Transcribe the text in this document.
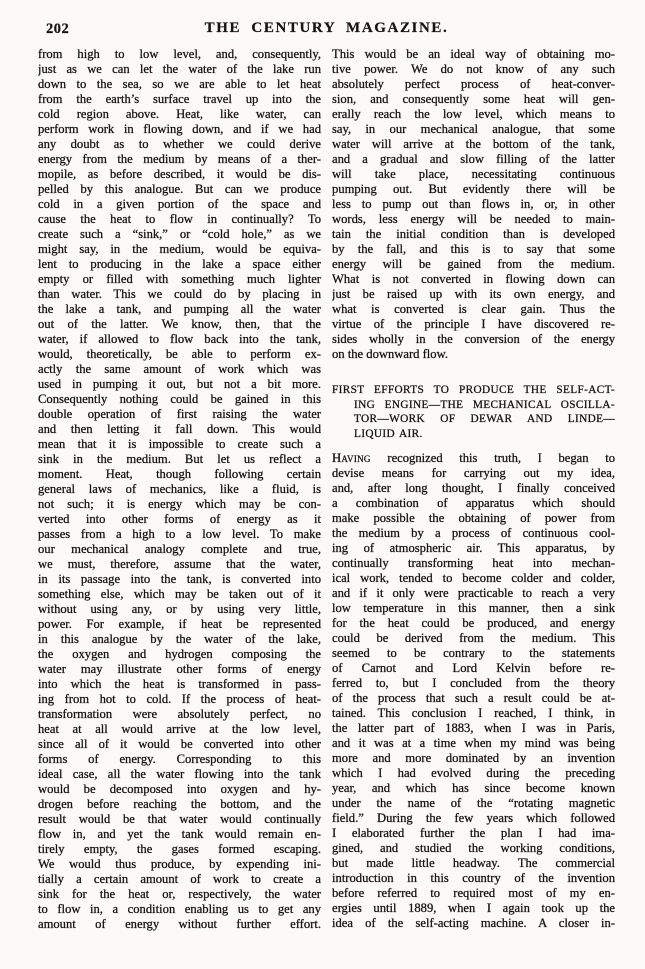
202	THE CENTURY MAGAZINE.
from high to low level, and, consequently,
just as we can let the water of the lake run
down to the sea, so we are able to let heat
from the earth’s surface travel up into the
cold region above. Heat, like water, can
perform work in flowing down, and if we had
any doubt as to whether we could derive
energy from the medium by means of a ther-
mopile, as before described, it would be dis-
pelled by this analogue. But can we produce
cold in a given portion of the space and
cause the heat to flow in continually? To
create such a “sink,” or “cold hole,” as we
might say, in the medium, would be equiva-
lent to producing in the lake a space either
empty or filled with something much lighter
than water. This we could do by placing in
the lake a tank, and pumping all the water
out of the latter. We know, then, that the
water, if allowed to flow back into the tank,
would, theoretically, be able to perform ex-
actly the same amount of work which was
used in pumping it out, but not a bit more.
Consequently nothing could be gained in this
double operation of first raising the water
and then letting it fall down. This would
mean that it is impossible to create such a
sink in the medium. But let us reflect a
moment. Heat, though following certain
general laws of mechanics, like a fluid, is
not such; it is energy which may be con-
verted into other forms of energy as it
passes from a high to a low level. To make
our mechanical analogy complete and true,
we must, therefore, assume that the water,
in its passage into the tank, is converted into
something else, which may be taken out of it
without using any, or by using very little,
power. For example, if heat be represented
in this analogue by the water of the lake,
the oxygen and hydrogen composing the
water may illustrate other forms of energy
into which the heat is transformed in pass-
ing from hot to cold. If the process of heat-
transformation were absolutely perfect, no
heat at all would arrive at the low level,
since all of it would be converted into other
forms of energy. Corresponding to this
ideal case, all the water flowing into the tank
would be decomposed into oxygen and hy-
drogen before reaching the bottom, and the
result would be that water would continually
flow in, and yet the tank would remain en-
tirely empty, the gases formed escaping.
We would thus produce, by expending ini-
tially a certain amount of work to create a
sink for the heat or, respectively, the water
to flow in, a condition enabling us to get any
amount of energy without further effort.
This would be an ideal way of obtaining mo-
tive power. We do not know of any such
absolutely perfect process of heat-conver-
sion, and consequently some heat will gen-
erally reach the low level, which means to
say, in our mechanical analogue, that some
water will arrive at the bottom of the tank,
and a gradual and slow filling of the latter
will take place, necessitating continuous
pumping out. But evidently there will be
less to pump out than flows in, or, in other
words, less energy will be needed to main-
tain the initial condition than is developed
by the fall, and this is to say that some
energy will be gained from the medium.
What is not converted in flowing down can
just be raised up with its own energy, and
what is converted is clear gain. Thus the
virtue of the principle I have discovered re-
sides wholly in the conversion of the energy
on the downward flow.
FIRST EFFORTS TO PRODUCE THE SELF-ACT-
ING ENGINE—THE MECHANICAL OSCILLA-
TOR—WORK OF DEWAR AND LINDE—
LIQUID AIR.
Having recognized this truth, I began to
devise means for carrying out my idea,
and, after long thought, I finally conceived
a combination of apparatus which should
make possible the obtaining of power from
the medium by a process of continuous cool-
ing of atmospheric air. This apparatus, by
continually transforming heat into mechan-
ical work, tended to become colder and colder,
and if it only were practicable to reach a very
low temperature in this manner, then a sink
for the heat could be produced, and energy
could be derived from the medium. This
seemed to be contrary to the statements
of Carnot and Lord Kelvin before re-
ferred to, but I concluded from the theory
of the process that such a result could be at-
tained. This conclusion I reached, I think, in
the latter part of 1883, when I was in Paris,
and it was at a time when my mind was being
more and more dominated by an invention
which I had evolved during the preceding
year, and which has since become known
under the name of the “rotating magnetic
field.” During the few years which followed
I elaborated further the plan I had ima-
gined, and studied the working conditions,
but made little headway. The commercial
introduction in this country of the invention
before referred to required most of my en-
ergies until 1889, when I again took up the
idea of the self-acting machine. A closer in-
